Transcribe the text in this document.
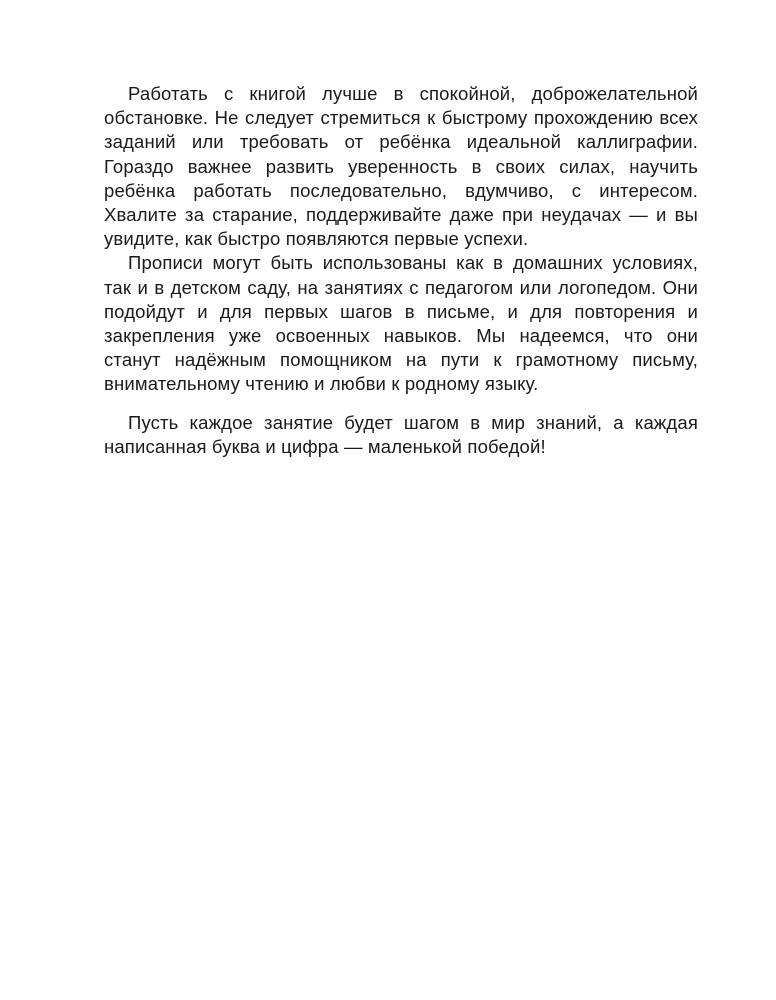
Работать с книгой лучше в спокойной, доброжелательной обстановке. Не следует стремиться к быстрому прохождению всех заданий или требовать от ребёнка идеальной каллиграфии. Гораздо важнее развить уверенность в своих силах, научить ребёнка работать последовательно, вдумчиво, с интересом. Хвалите за старание, поддерживайте даже при неудачах — и вы увидите, как быстро появляются первые успехи.

Прописи могут быть использованы как в домашних условиях, так и в детском саду, на занятиях с педагогом или логопедом. Они подойдут и для первых шагов в письме, и для повторения и закрепления уже освоенных навыков. Мы надеемся, что они станут надёжным помощником на пути к грамотному письму, внимательному чтению и любви к родному языку.

Пусть каждое занятие будет шагом в мир знаний, а каждая написанная буква и цифра — маленькой победой!
